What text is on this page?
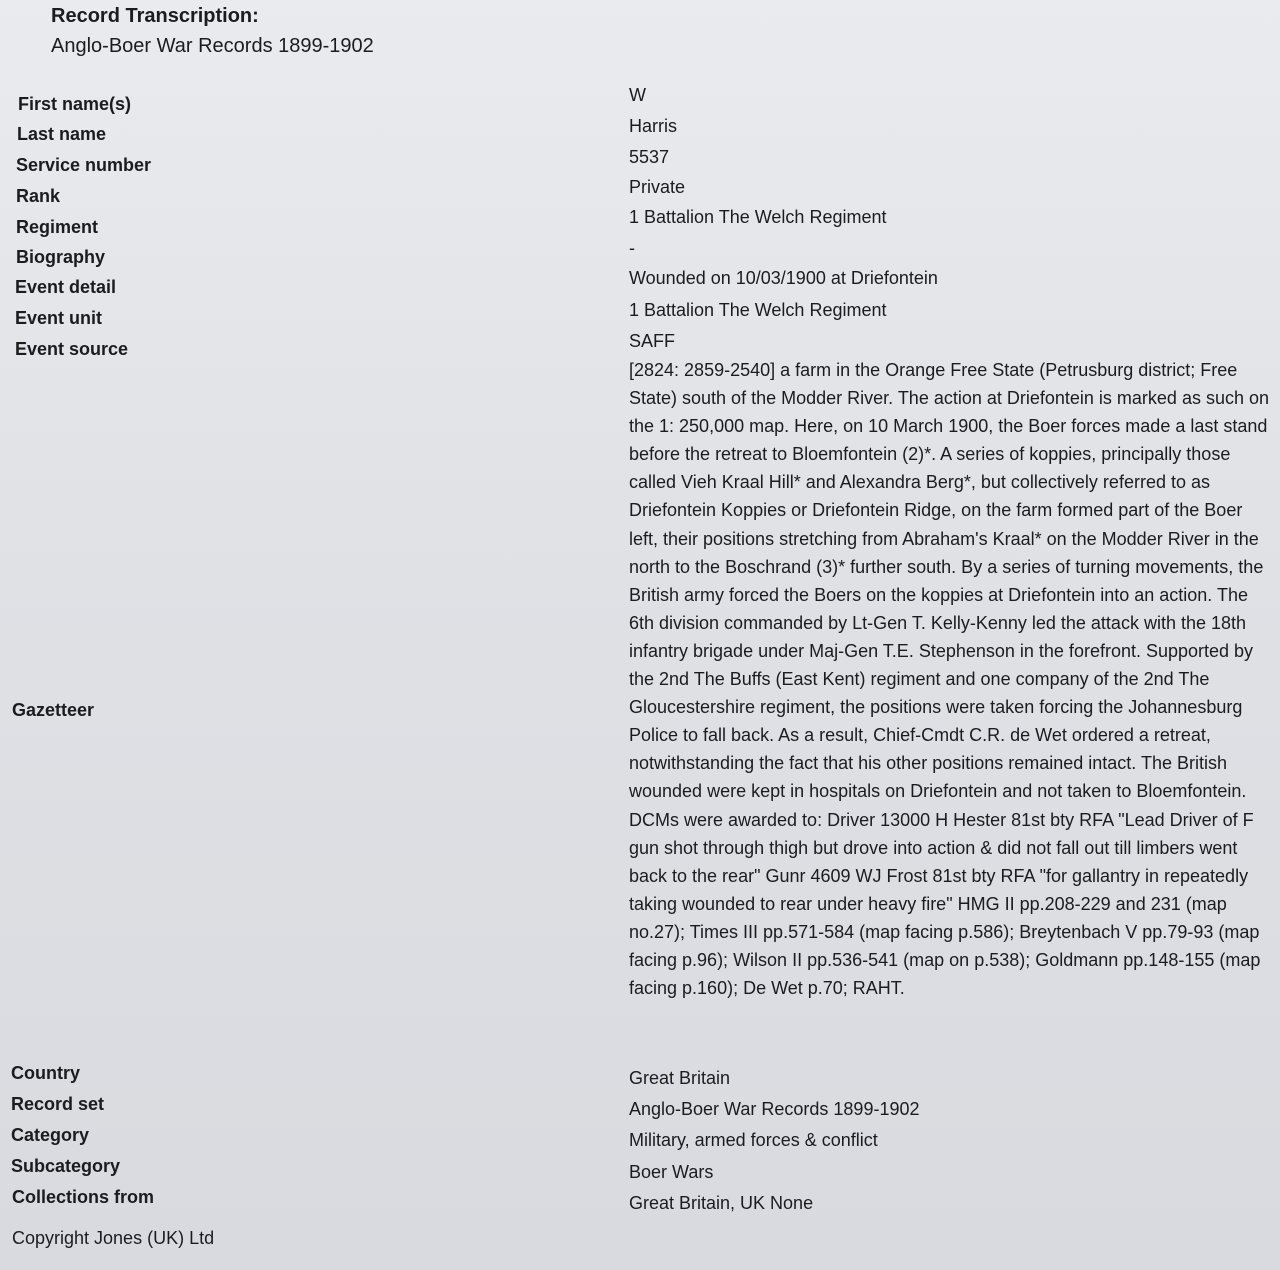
Record Transcription:
Anglo-Boer War Records 1899-1902
First name(s)
Last name
Service number
Rank
Regiment
Biography
Event detail
Event unit
Event source
Gazetteer
Country
Record set
Category
Subcategory
Collections from
W
Harris
5537
Private
1 Battalion The Welch Regiment
-
Wounded on 10/03/1900 at Driefontein
1 Battalion The Welch Regiment
SAFF
[2824: 2859-2540] a farm in the Orange Free State (Petrusburg district; Free State) south of the Modder River. The action at Driefontein is marked as such on the 1: 250,000 map. Here, on 10 March 1900, the Boer forces made a last stand before the retreat to Bloemfontein (2)*. A series of koppies, principally those called Vieh Kraal Hill* and Alexandra Berg*, but collectively referred to as Driefontein Koppies or Driefontein Ridge, on the farm formed part of the Boer left, their positions stretching from Abraham's Kraal* on the Modder River in the north to the Boschrand (3)* further south. By a series of turning movements, the British army forced the Boers on the koppies at Driefontein into an action. The 6th division commanded by Lt-Gen T. Kelly-Kenny led the attack with the 18th infantry brigade under Maj-Gen T.E. Stephenson in the forefront. Supported by the 2nd The Buffs (East Kent) regiment and one company of the 2nd The Gloucestershire regiment, the positions were taken forcing the Johannesburg Police to fall back. As a result, Chief-Cmdt C.R. de Wet ordered a retreat, notwithstanding the fact that his other positions remained intact. The British wounded were kept in hospitals on Driefontein and not taken to Bloemfontein. DCMs were awarded to: Driver 13000 H Hester 81st bty RFA "Lead Driver of F gun shot through thigh but drove into action & did not fall out till limbers went back to the rear" Gunr 4609 WJ Frost 81st bty RFA "for gallantry in repeatedly taking wounded to rear under heavy fire" HMG II pp.208-229 and 231 (map no.27); Times III pp.571-584 (map facing p.586); Breytenbach V pp.79-93 (map facing p.96); Wilson II pp.536-541 (map on p.538); Goldmann pp.148-155 (map facing p.160); De Wet p.70; RAHT.
Great Britain
Anglo-Boer War Records 1899-1902
Military, armed forces & conflict
Boer Wars
Great Britain, UK None
Copyright Jones (UK) Ltd
